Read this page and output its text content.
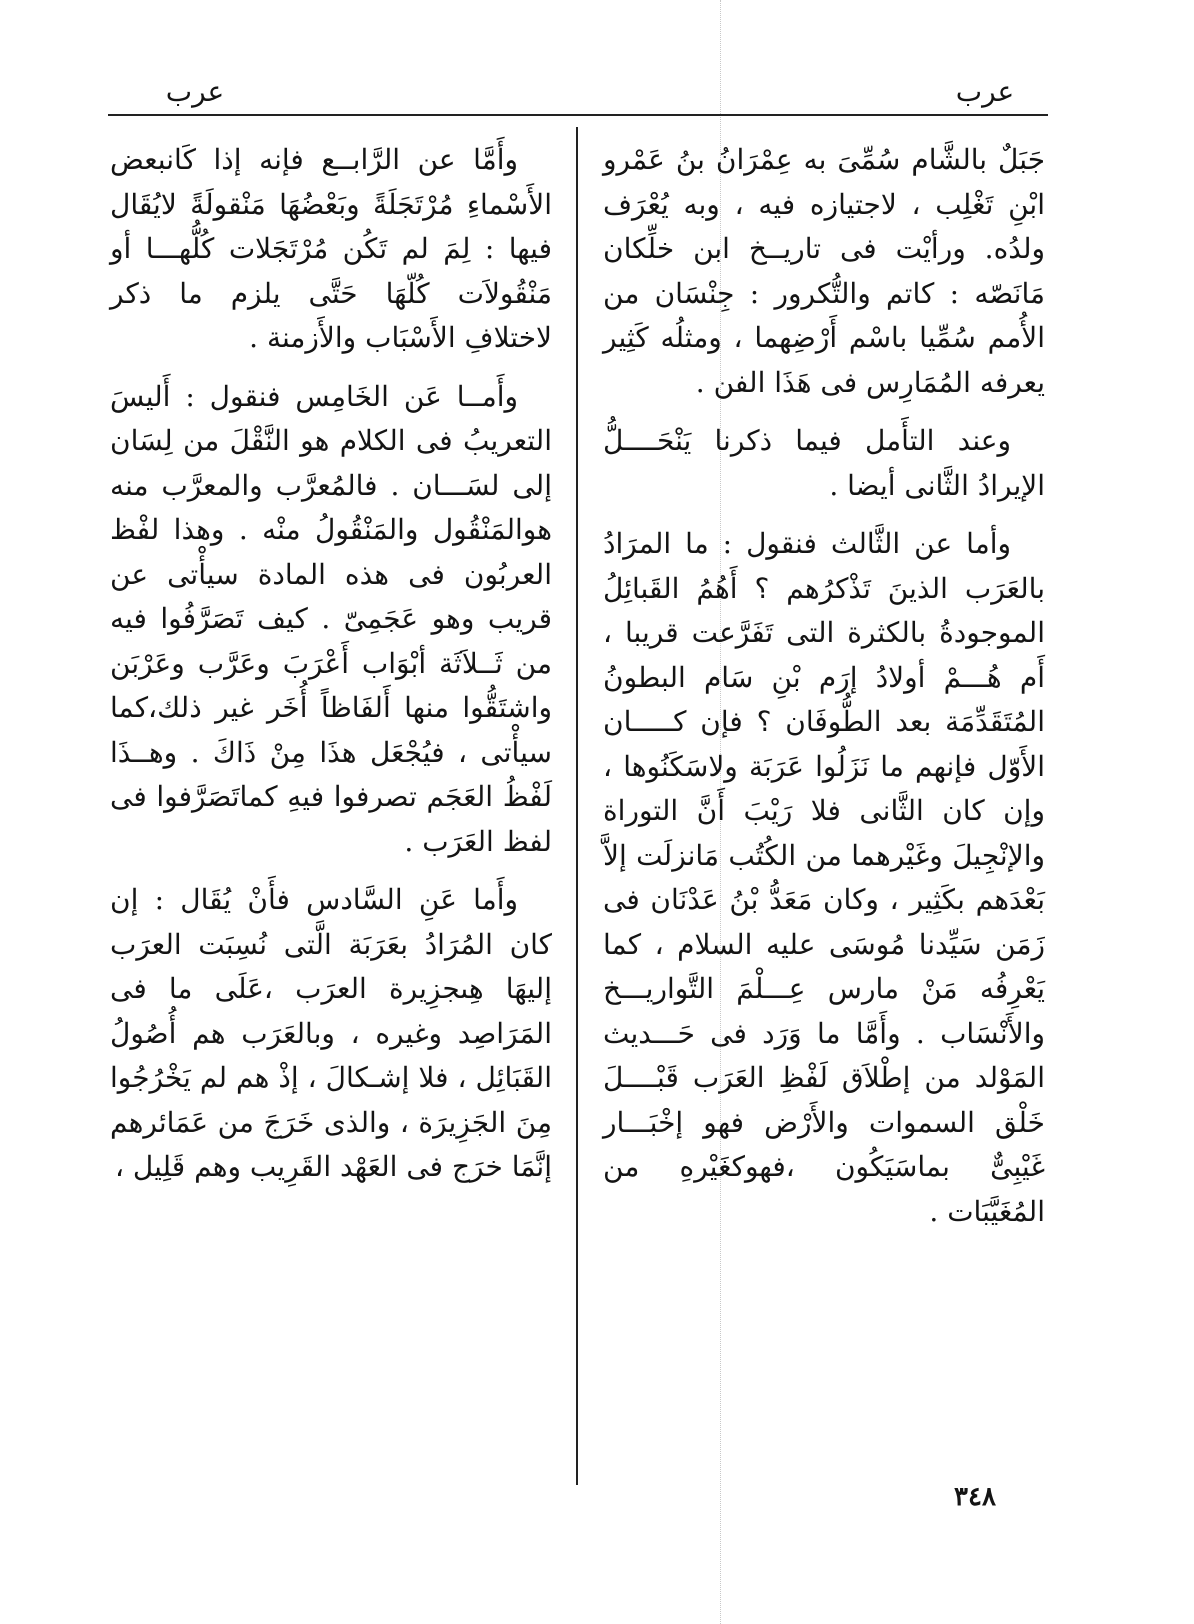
عرب
عرب

جَبَلٌ بالشَّام سُمِّىَ به عِمْرَانُ بنُ عَمْرو ابْنِ تَغْلِب ، لاجتيازه فيه ، وبه يُعْرَف ولدُه. ورأيْت فى تاريــخ ابن خلِّكان مَانَصّه : كاتم والتُّكرور : جِنْسَان من الأُمم سُمِّيا باسْم أَرْضِهما ، ومثلُه كَثِير يعرفه المُمَارِس فى هَذَا الفن .

وعند التأَمل فيما ذكرنا يَنْحَــــلُّ الإيرادُ الثَّانى أيضا .

وأما عن الثَّالث فنقول : ما المرَادُ بالعَرَب الذينَ تَذْكرُهم ؟ أَهُمُ القَبائِلُ الموجودةُ بالكثرة التى تَفَرَّعت قريبا ، أَم هُـــمْ أولادُ إرَم بْنِ سَام البطونُ المُتَقَدِّمَة بعد الطُّوفَان ؟ فإن كـــــان الأَوّل فإنهم ما نَزَلُوا عَرَبَة ولاسَكَنُوها ، وإن كان الثَّانى فلا رَيْبَ أَنَّ التوراة والإنْجِيلَ وغَيْرهما من الكُتُب مَانزلَت إلاَّ بَعْدَهم بكَثِير ، وكان مَعَدُّ بْنُ عَدْنَان فى زَمَن سَيِّدنا مُوسَى عليه السلام ، كما يَعْرِفُه مَنْ مارس عِـــلْمَ التَّواريـــخ والأَنْسَاب . وأَمَّا ما وَرَد فى حَـــديث المَوْلد من إطْلاَق لَفْظِ العَرَب قَبْــــلَ خَلْق السموات والأَرْض فهو إخْبَـــار غَيْبِىٌّ بماسَيَكُون ،فهوكغَيْرهِ من المُغَيَّبَات .

وأَمَّا عن الرَّابــع فإنه إذا كَانبعض الأَسْماءِ مُرْتَجَلَةً وبَعْضُهَا مَنْقولَةً لايُقَال فيها : لِمَ لم تَكُن مُرْتَجَلات كُلُّهـــا أو مَنْقُولاَت كُلّهَا حَتَّى يلزم ما ذكر لاختلافِ الأَسْبَاب والأَزمنة .

وأَمــا عَن الخَامِس فنقول : أَليسَ التعريبُ فى الكلام هو النَّقْلَ من لِسَان إلى لسَـــان . فالمُعرَّب والمعرَّب منه هوالمَنْقُول والمَنْقُولُ منْه . وهذا لفْظ العربُون فى هذه المادة سيأْتى عن قريب وهو عَجَمِىّ . كيف تَصَرَّفُوا فيه من ثَــلاَثَة أبْوَاب أَعْرَبَ وعَرَّب وعَرْبَن واشتَقُّوا منها أَلفَاظاً أُخَر غير ذلك،كما سيأْتى ، فيُجْعَل هذَا مِنْ ذَاكَ . وهــذَا لَفْظُ العَجَم تصرفوا فيهِ كماتَصَرَّفوا فى لفظ العَرَب .

وأَما عَنِ السَّادس فأَنْ يُقَال : إن كان المُرَادُ بعَرَبَة الَّتى نُسِبَت العرَب إليهَا هِىجزِيرة العرَب ،عَلَى ما فى المَرَاصِد وغيره ، وبالعَرَب هم أُصُولُ القَبَائِل ، فلا إشـكالَ ، إذْ هم لم يَخْرُجُوا مِنَ الجَزِيرَة ، والذى خَرَجَ من عَمَائرهم إنَّمَا خرَج فى العَهْد القَرِيب وهم قَلِيل ،

٣٤٨
